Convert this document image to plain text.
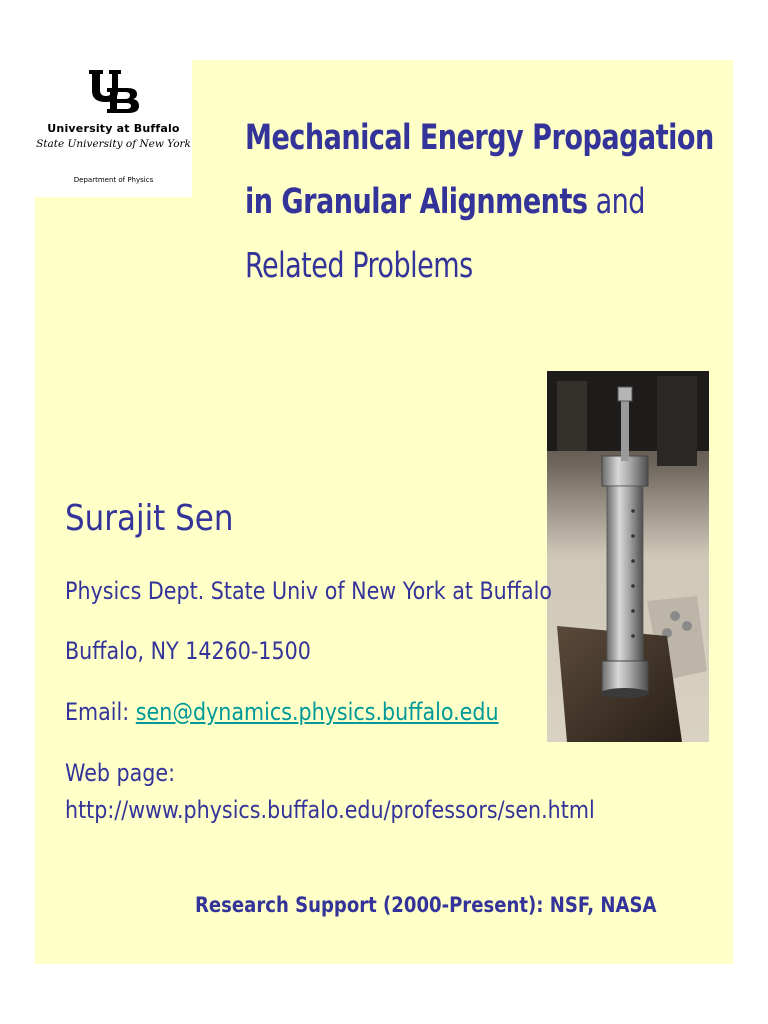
University at Buffalo
State University of New York
Department of Physics
Mechanical Energy Propagation
in Granular Alignments and
Related Problems
Surajit Sen
Physics Dept. State Univ of New York at Buffalo
Buffalo, NY 14260-1500
Email: sen@dynamics.physics.buffalo.edu
Web page:
http://www.physics.buffalo.edu/professors/sen.html
Research Support (2000-Present): NSF, NASA
